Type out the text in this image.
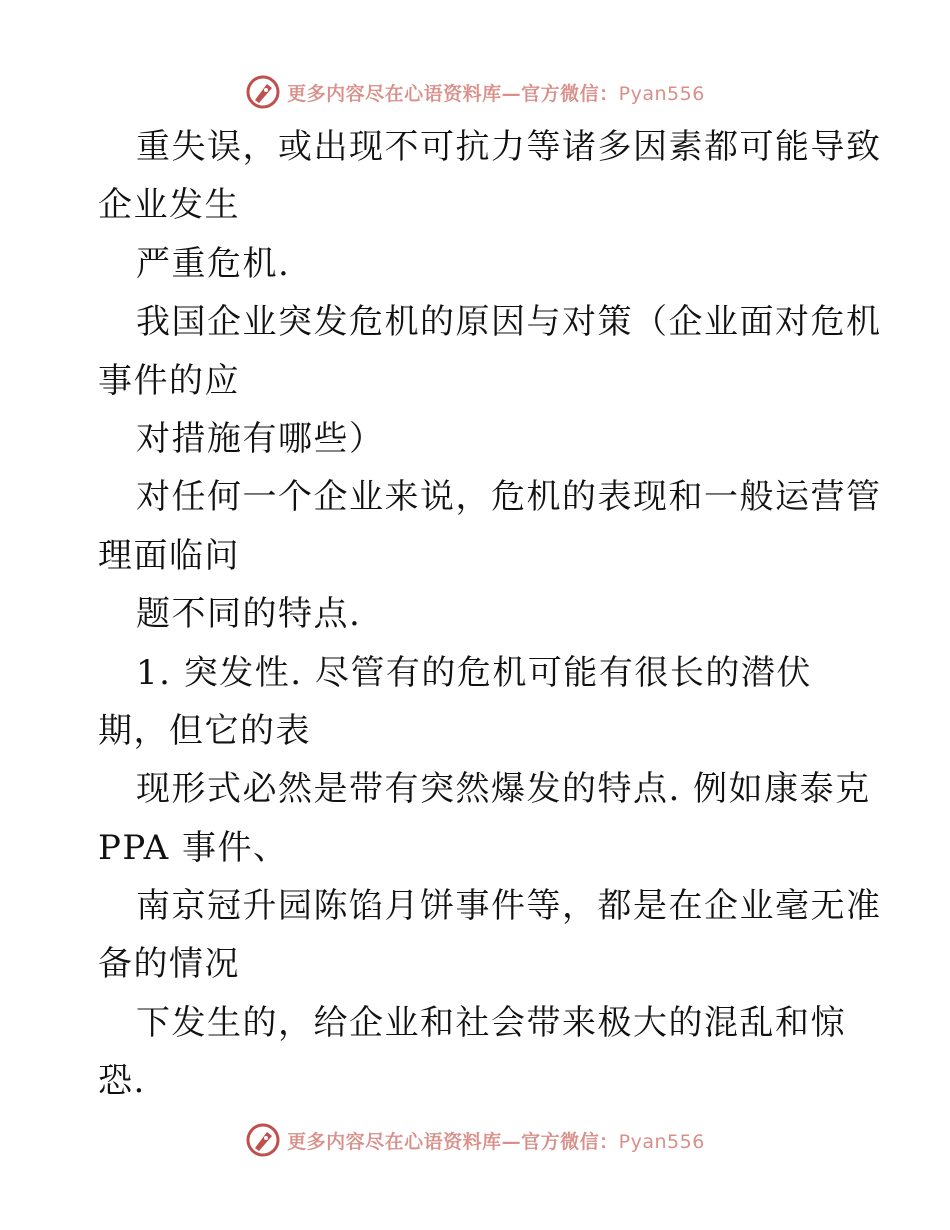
更多内容尽在心语资料库—官方微信：Pyan556
重失误，或出现不可抗力等诸多因素都可能导致
企业发生
严重危机.
我国企业突发危机的原因与对策（企业面对危机
事件的应
对措施有哪些）
对任何一个企业来说，危机的表现和一般运营管
理面临问
题不同的特点.
1. 突发性. 尽管有的危机可能有很长的潜伏
期，但它的表
现形式必然是带有突然爆发的特点. 例如康泰克
PPA 事件、
南京冠升园陈馅月饼事件等，都是在企业毫无准
备的情况
下发生的，给企业和社会带来极大的混乱和惊
恐.
更多内容尽在心语资料库—官方微信：Pyan556
